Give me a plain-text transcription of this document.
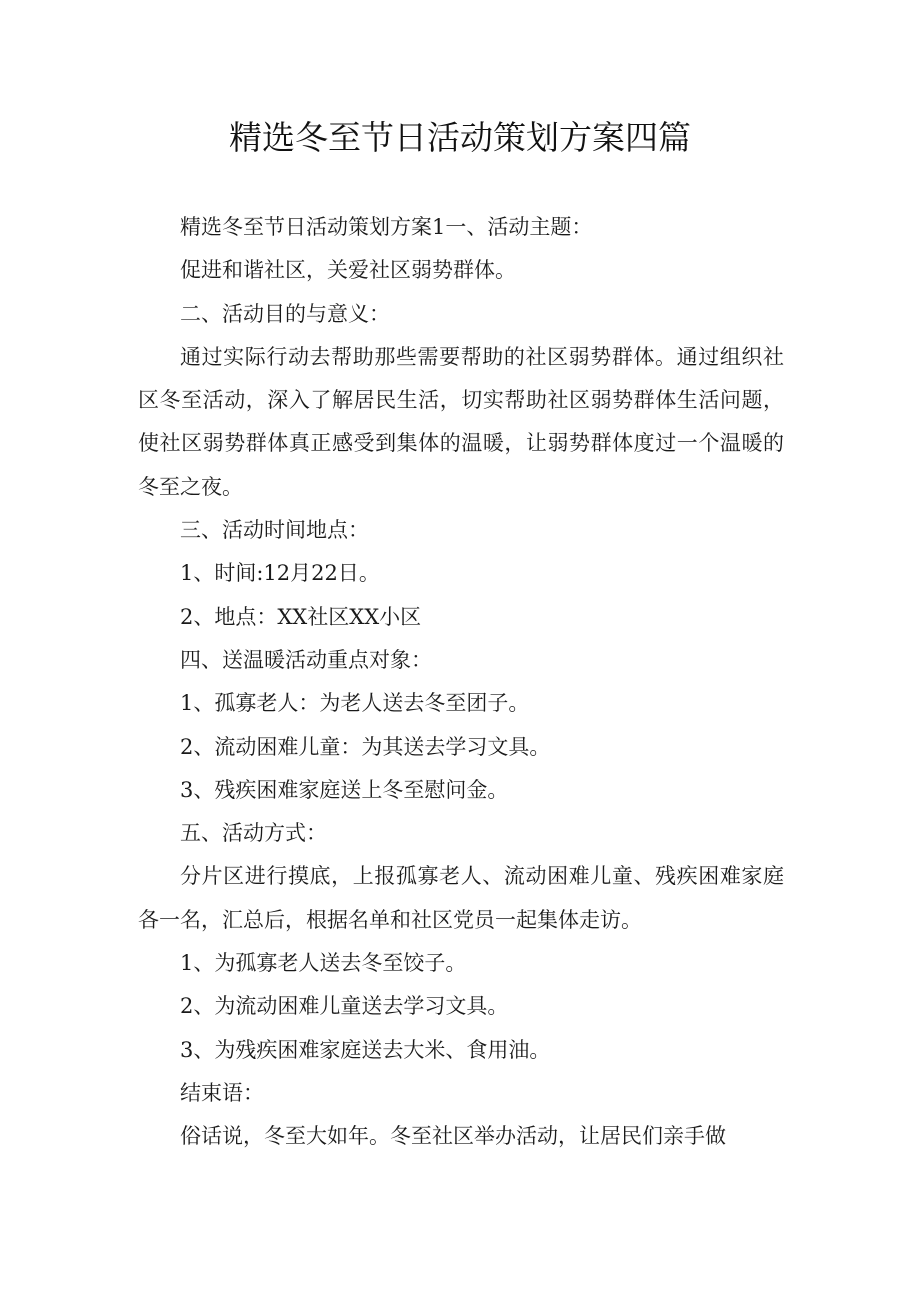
精选冬至节日活动策划方案四篇

精选冬至节日活动策划方案1一、活动主题：

促进和谐社区，关爱社区弱势群体。

二、活动目的与意义：

通过实际行动去帮助那些需要帮助的社区弱势群体。通过组织社区冬至活动，深入了解居民生活，切实帮助社区弱势群体生活问题，使社区弱势群体真正感受到集体的温暖，让弱势群体度过一个温暖的冬至之夜。

三、活动时间地点：

1、时间:12月22日。

2、地点：XX社区XX小区

四、送温暖活动重点对象：

1、孤寡老人：为老人送去冬至团子。

2、流动困难儿童：为其送去学习文具。

3、残疾困难家庭送上冬至慰问金。

五、活动方式：

分片区进行摸底，上报孤寡老人、流动困难儿童、残疾困难家庭各一名，汇总后，根据名单和社区党员一起集体走访。

1、为孤寡老人送去冬至饺子。

2、为流动困难儿童送去学习文具。

3、为残疾困难家庭送去大米、食用油。

结束语：

俗话说，冬至大如年。冬至社区举办活动，让居民们亲手做
